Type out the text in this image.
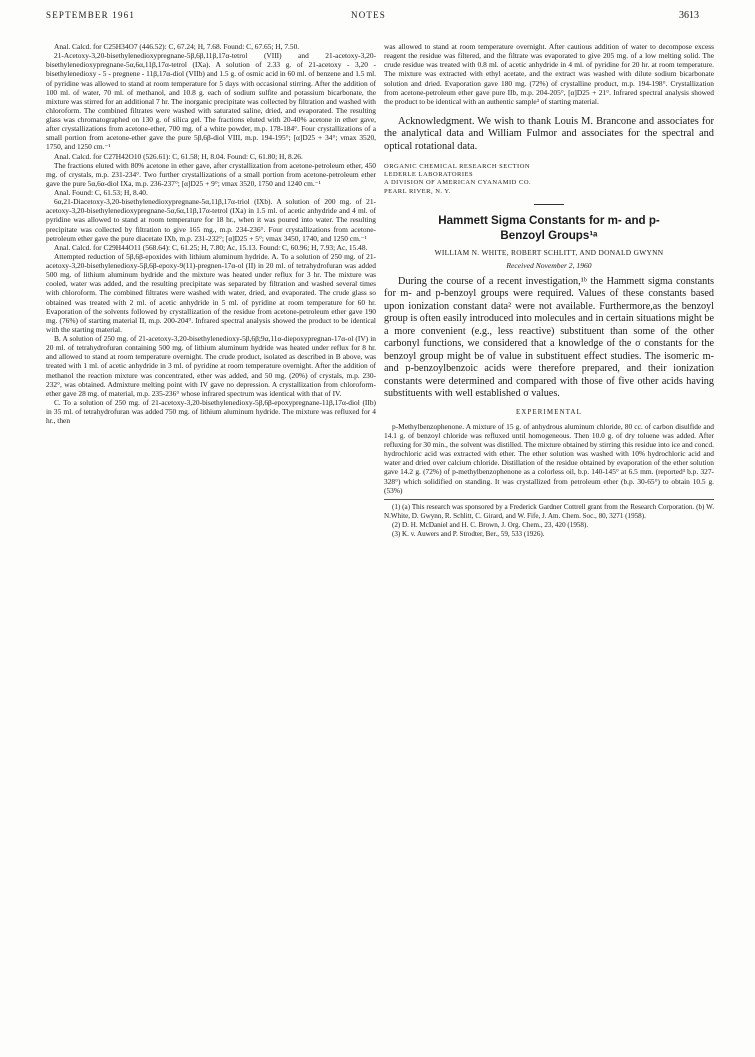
SEPTEMBER 1961	NOTES	3613

Anal. Calcd. for C25H34O7 (446.52): C, 67.24; H, 7.68. Found: C, 67.65; H, 7.50.

21-Acetoxy-3,20-bisethylenedioxypregnane-5β,6β,11β,17α-tetrol (VIII) and 21-acetoxy-3,20-bisethylenedioxypregnane-5α,6α,11β,17α-tetrol (IXa). A solution of 2.33 g. of 21-acetoxy - 3,20 - bisethylenedioxy - 5 - pregnene - 11β,17α-diol (VIIb) and 1.5 g. of osmic acid in 60 ml. of benzene and 1.5 ml. of pyridine was allowed to stand at room temperature for 5 days with occasional stirring. After the addition of 100 ml. of water, 70 ml. of methanol, and 10.8 g. each of sodium sulfite and potassium bicarbonate, the mixture was stirred for an additional 7 hr. The inorganic precipitate was collected by filtration and washed with chloroform. The combined filtrates were washed with saturated saline, dried, and evaporated. The resulting glass was chromatographed on 130 g. of silica gel. The fractions eluted with 20-40% acetone in ether gave, after crystallizations from acetone-ether, 700 mg. of a white powder, m.p. 178-184°. Four crystallizations of a small portion from acetone-ether gave the pure 5β,6β-diol VIII, m.p. 194-195°; [α]D25 + 34°; νmax 3520, 1750, and 1250 cm.⁻¹

Anal. Calcd. for C27H42O10 (526.61): C, 61.58; H, 8.04. Found: C, 61.80; H, 8.26.

The fractions eluted with 80% acetone in ether gave, after crystallization from acetone-petroleum ether, 450 mg. of crystals, m.p. 231-234°. Two further crystallizations of a small portion from acetone-petroleum ether gave the pure 5α,6α-diol IXa, m.p. 236-237°; [α]D25 + 9°; νmax 3520, 1750 and 1240 cm.⁻¹

Anal. Found: C, 61.53; H, 8.40.

6α,21-Diacetoxy-3,20-bisethylenedioxypregnane-5α,11β,17α-triol (IXb). A solution of 200 mg. of 21-acetoxy-3,20-bisethylenedioxypregnane-5α,6α,11β,17α-tetrol (IXa) in 1.5 ml. of acetic anhydride and 4 ml. of pyridine was allowed to stand at room temperature for 18 hr., when it was poured into water. The resulting precipitate was collected by filtration to give 165 mg., m.p. 234-236°. Four crystallizations from acetone-petroleum ether gave the pure diacetate IXb, m.p. 231-232°; [α]D25 + 5°; νmax 3450, 1740, and 1250 cm.⁻¹

Anal. Calcd. for C29H44O11 (568.64): C, 61.25; H, 7.80; Ac, 15.13. Found: C, 60.96; H, 7.93; Ac, 15.48.

Attempted reduction of 5β,6β-epoxides with lithium aluminum hydride. A. To a solution of 250 mg. of 21-acetoxy-3,20-bisethylenedioxy-5β,6β-epoxy-9(11)-pregnen-17α-ol (II) in 20 ml. of tetrahydrofuran was added 500 mg. of lithium aluminum hydride and the mixture was heated under reflux for 3 hr. The mixture was cooled, water was added, and the resulting precipitate was separated by filtration and washed several times with chloroform. The combined filtrates were washed with water, dried, and evaporated. The crude glass so obtained was treated with 2 ml. of acetic anhydride in 5 ml. of pyridine at room temperature for 60 hr. Evaporation of the solvents followed by crystallization of the residue from acetone-petroleum ether gave 190 mg. (76%) of starting material II, m.p. 200-204°. Infrared spectral analysis showed the product to be identical with the starting material.

B. A solution of 250 mg. of 21-acetoxy-3,20-bisethylenedioxy-5β,6β;9α,11α-diepoxypregnan-17α-ol (IV) in 20 ml. of tetrahydrofuran containing 500 mg. of lithium aluminum hydride was heated under reflux for 8 hr. and allowed to stand at room temperature overnight. The crude product, isolated as described in B above, was treated with 1 ml. of acetic anhydride in 3 ml. of pyridine at room temperature overnight. After the addition of methanol the reaction mixture was concentrated, ether was added, and 50 mg. (20%) of crystals, m.p. 230-232°, was obtained. Admixture melting point with IV gave no depression. A crystallization from chloroform-ether gave 28 mg. of material, m.p. 235-236° whose infrared spectrum was identical with that of IV.

C. To a solution of 250 mg. of 21-acetoxy-3,20-bisethylenedioxy-5β,6β-epoxypregnane-11β,17α-diol (IIb) in 35 ml. of tetrahydrofuran was added 750 mg. of lithium aluminum hydride. The mixture was refluxed for 4 hr., then

was allowed to stand at room temperature overnight. After cautious addition of water to decompose excess reagent the residue was filtered, and the filtrate was evaporated to give 205 mg. of a low melting solid. The crude residue was treated with 0.8 ml. of acetic anhydride in 4 ml. of pyridine for 20 hr. at room temperature. The mixture was extracted with ethyl acetate, and the extract was washed with dilute sodium bicarbonate solution and dried. Evaporation gave 180 mg. (72%) of crystalline product, m.p. 194-198°. Crystallization from acetone-petroleum ether gave pure IIb, m.p. 204-205°, [α]D25 + 21°. Infrared spectral analysis showed the product to be identical with an authentic sample³ of starting material.

Acknowledgment. We wish to thank Louis M. Brancone and associates for the analytical data and William Fulmor and associates for the spectral and optical rotational data.

ORGANIC CHEMICAL RESEARCH SECTION
LEDERLE LABORATORIES
A DIVISION OF AMERICAN CYANAMID CO.
PEARL RIVER, N. Y.
Hammett Sigma Constants for m- and p-
Benzoyl Groups¹ᵃ
WILLIAM N. WHITE, ROBERT SCHLITT, AND DONALD GWYNN
Received November 2, 1960

During the course of a recent investigation,¹ᵇ the Hammett sigma constants for m- and p-benzoyl groups were required. Values of these constants based upon ionization constant data² were not available. Furthermore,as the benzoyl group is often easily introduced into molecules and in certain situations might be a more convenient (e.g., less reactive) substituent than some of the other carbonyl functions, we considered that a knowledge of the σ constants for the benzoyl group might be of value in substituent effect studies. The isomeric m- and p-benzoylbenzoic acids were therefore prepared, and their ionization constants were determined and compared with those of five other acids having substituents with well established σ values.

EXPERIMENTAL

p-Methylbenzophenone. A mixture of 15 g. of anhydrous aluminum chloride, 80 cc. of carbon disulfide and 14.1 g. of benzoyl chloride was refluxed until homogeneous. Then 10.0 g. of dry toluene was added. After refluxing for 30 min., the solvent was distilled. The mixture obtained by stirring this residue into ice and concd. hydrochloric acid was extracted with ether. The ether solution was washed with 10% hydrochloric acid and water and dried over calcium chloride. Distillation of the residue obtained by evaporation of the ether solution gave 14.2 g. (72%) of p-methylbenzophenone as a colorless oil, b.p. 140-145° at 6.5 mm. (reported³ b.p. 327-328°) which solidified on standing. It was crystallized from petroleum ether (b.p. 30-65°) to obtain 10.5 g. (53%)

(1) (a) This research was sponsored by a Frederick Gardner Cottrell grant from the Research Corporation. (b) W. N.White, D. Gwynn, R. Schlitt, C. Girard, and W. Fife, J. Am. Chem. Soc., 80, 3271 (1958).

(2) D. H. McDaniel and H. C. Brown, J. Org. Chem., 23, 420 (1958).

(3) K. v. Auwers and P. Strodter, Ber., 59, 533 (1926).
